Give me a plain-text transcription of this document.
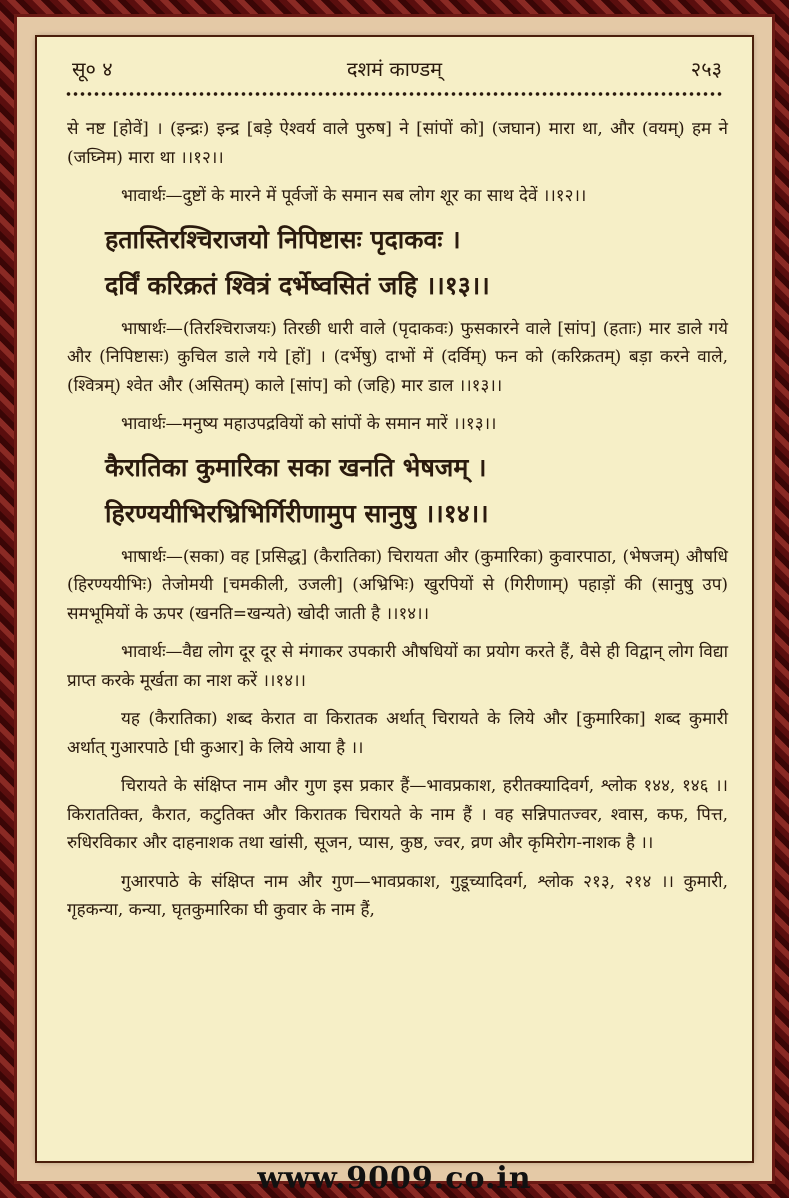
सू० ४	दशमं काण्डम्	२५३

से नष्ट [होवें] । (इन्द्रः) इन्द्र [बड़े ऐश्वर्य वाले पुरुष] ने [सांपों को] (जघान) मारा था, और (वयम्) हम ने (जघ्निम) मारा था ।।१२।।

भावार्थः—दुष्टों के मारने में पूर्वजों के समान सब लोग शूर का साथ देवें ।।१२।।

हतास्तिरश्चिराजयो निपिष्टासः पृदाकवः ।

दर्विं करिक्रतं श्वित्रं दर्भेष्वसितं जहि ।।१३।।

भाषार्थः—(तिरश्चिराजयः) तिरछी धारी वाले (पृदाकवः) फुसकारने वाले [सांप] (हताः) मार डाले गये और (निपिष्टासः) कुचिल डाले गये [हों] । (दर्भेषु) दाभों में (दर्विम्) फन को (करिक्रतम्) बड़ा करने वाले, (श्वित्रम्) श्वेत और (असितम्) काले [सांप] को (जहि) मार डाल ।।१३।।

भावार्थः—मनुष्य महाउपद्रवियों को सांपों के समान मारें ।।१३।।

कैरातिका कुमारिका सका खनति भेषजम् ।

हिरण्ययीभिरभ्रिभिर्गिरीणामुप सानुषु ।।१४।।

भाषार्थः—(सका) वह [प्रसिद्ध] (कैरातिका) चिरायता और (कुमारिका) कुवारपाठा, (भेषजम्) औषधि (हिरण्ययीभिः) तेजोमयी [चमकीली, उजली] (अभ्रिभिः) खुरपियों से (गिरीणाम्) पहाड़ों की (सानुषु उप) समभूमियों के ऊपर (खनति=खन्यते) खोदी जाती है ।।१४।।

भावार्थः—वैद्य लोग दूर दूर से मंगाकर उपकारी औषधियों का प्रयोग करते हैं, वैसे ही विद्वान् लोग विद्या प्राप्त करके मूर्खता का नाश करें ।।१४।।

यह (कैरातिका) शब्द केरात वा किरातक अर्थात् चिरायते के लिये और [कुमारिका] शब्द कुमारी अर्थात् गुआरपाठे [घी कुआर] के लिये आया है ।।

चिरायते के संक्षिप्त नाम और गुण इस प्रकार हैं—भावप्रकाश, हरीतक्यादिवर्ग, श्लोक १४४, १४६ ।। किराततिक्त, कैरात, कटुतिक्त और किरातक चिरायते के नाम हैं । वह सन्निपातज्वर, श्वास, कफ, पित्त, रुधिरविकार और दाहनाशक तथा खांसी, सूजन, प्यास, कुष्ठ, ज्वर, व्रण और कृमिरोग-नाशक है ।।

गुआरपाठे के संक्षिप्त नाम और गुण—भावप्रकाश, गुडूच्यादिवर्ग, श्लोक २१३, २१४ ।। कुमारी, गृहकन्या, कन्या, घृतकुमारिका घी कुवार के नाम हैं,

www.9009.co.in
